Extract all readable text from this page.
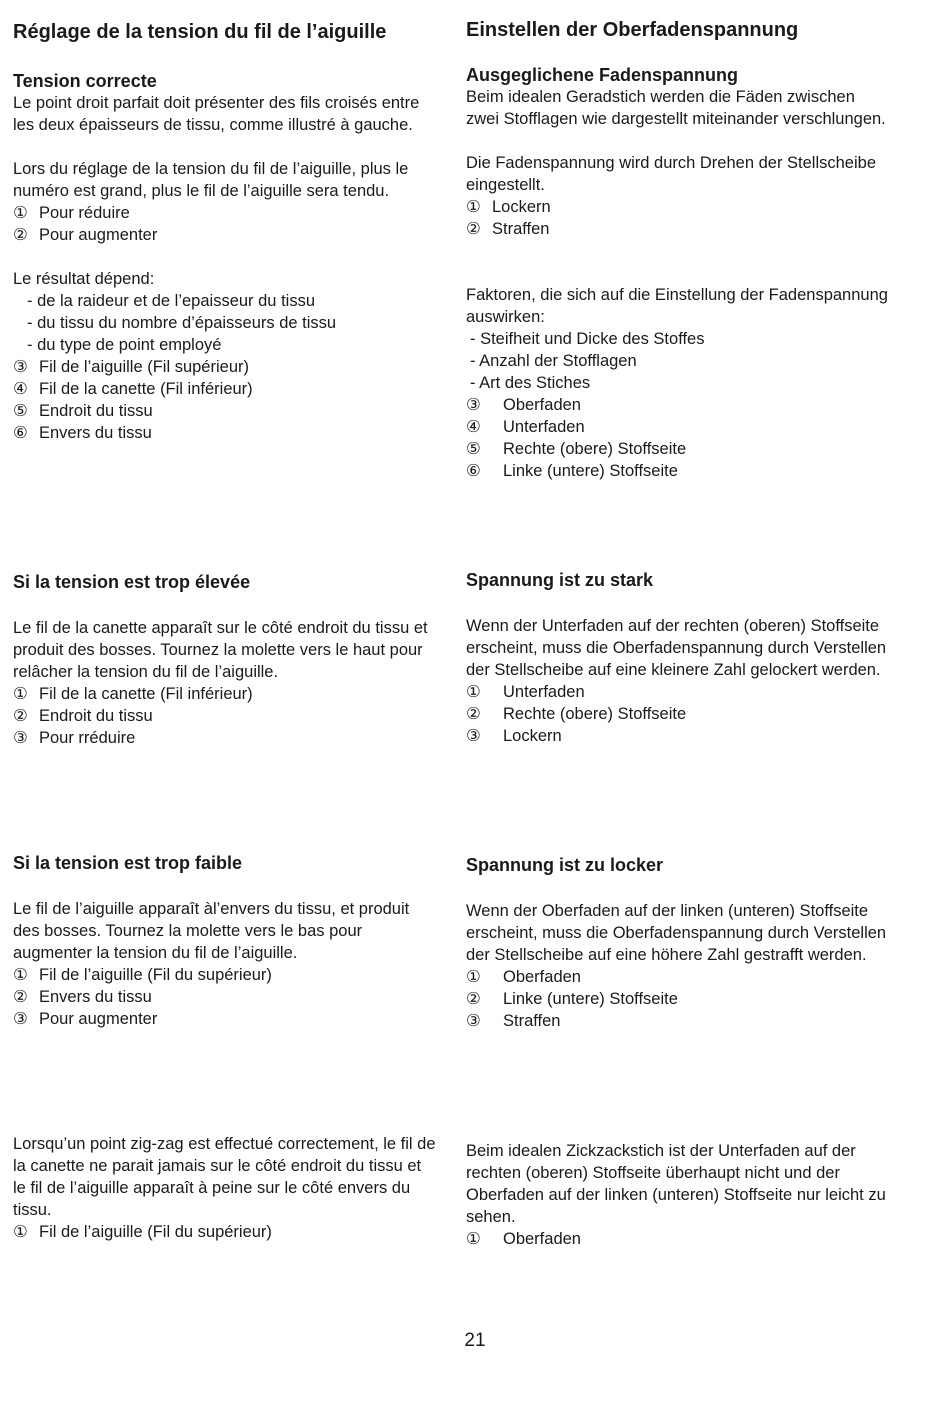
Réglage de la tension du fil de l’aiguille
Tension correcte

Le point droit parfait doit présenter des fils croisés entre les deux épaisseurs de tissu, comme illustré à gauche.

Lors du réglage de la tension du fil de l’aiguille, plus le numéro est grand, plus le fil de l’aiguille sera tendu.

① Pour réduire
② Pour augmenter

Le résultat dépend:

- de la raideur et de l’epaisseur du tissu
- du tissu du nombre d’épaisseurs de tissu
- du type de point employé
③ Fil de l’aiguille (Fil supérieur)
④ Fil de la canette (Fil inférieur)
⑤ Endroit du tissu
⑥ Envers du tissu
Si la tension est trop élevée

Le fil de la canette apparaît sur le côté endroit du tissu et produit des bosses. Tournez la molette vers le haut pour relâcher la tension du fil de l’aiguille.

① Fil de la canette (Fil inférieur)
② Endroit du tissu
③ Pour rréduire
Si la tension est trop faible

Le fil de l’aiguille apparaît àl’envers du tissu, et produit des bosses. Tournez la molette vers le bas pour augmenter la tension du fil de l’aiguille.

① Fil de l’aiguille (Fil du supérieur)
② Envers du tissu
③ Pour augmenter

Lorsqu’un point zig-zag est effectué correctement, le fil de la canette ne parait jamais sur le côté endroit du tissu et le fil de l’aiguille apparaît à peine sur le côté envers du tissu.

① Fil de l’aiguille (Fil du supérieur)
Einstellen der Oberfadenspannung
Ausgeglichene Fadenspannung

Beim idealen Geradstich werden die Fäden zwischen zwei Stofflagen wie dargestellt miteinander verschlungen.

Die Fadenspannung wird durch Drehen der Stellscheibe eingestellt.

① Lockern
② Straffen

Faktoren, die sich auf die Einstellung der Fadenspannung auswirken:

- Steifheit und Dicke des Stoffes
- Anzahl der Stofflagen
- Art des Stiches
③	Oberfaden
④	Unterfaden
⑤	Rechte (obere) Stoffseite
⑥	Linke (untere) Stoffseite
Spannung ist zu stark

Wenn der Unterfaden auf der rechten (oberen) Stoffseite erscheint, muss die Oberfadenspannung durch Verstellen der Stellscheibe auf eine kleinere Zahl gelockert werden.

①	Unterfaden
②	Rechte (obere) Stoffseite
③	Lockern
Spannung ist zu locker

Wenn der Oberfaden auf der linken (unteren) Stoffseite erscheint, muss die Oberfadenspannung durch Verstellen der Stellscheibe auf eine höhere Zahl gestrafft werden.

①	Oberfaden
②	Linke (untere) Stoffseite
③	Straffen

Beim idealen Zickzackstich ist der Unterfaden auf der rechten (oberen) Stoffseite überhaupt nicht und der Oberfaden auf der linken (unteren) Stoffseite nur leicht zu sehen.

①	Oberfaden
21
